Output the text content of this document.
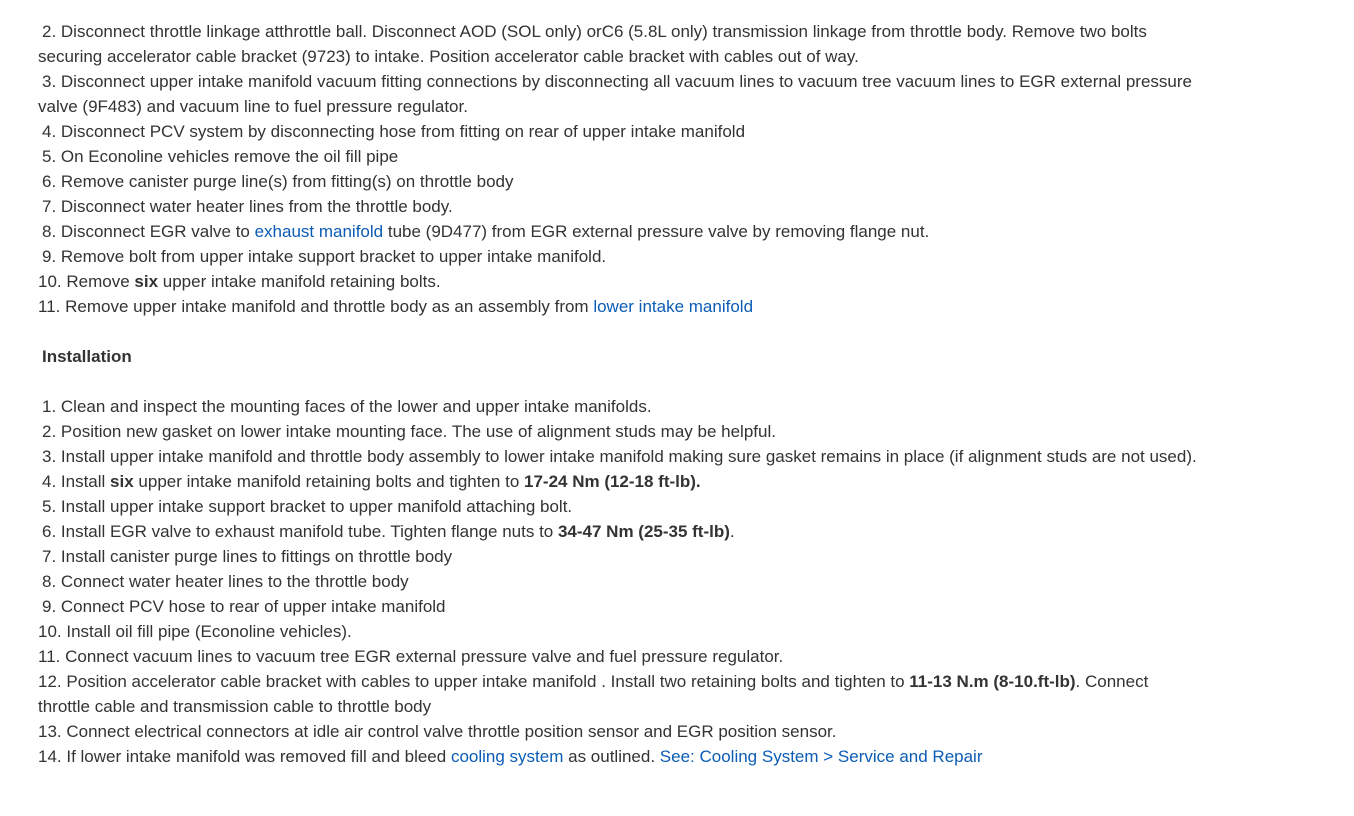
2. Disconnect throttle linkage atthrottle ball. Disconnect AOD (SOL only) orC6 (5.8L only) transmission linkage from throttle body. Remove two bolts
securing accelerator cable bracket (9723) to intake. Position accelerator cable bracket with cables out of way.
3. Disconnect upper intake manifold vacuum fitting connections by disconnecting all vacuum lines to vacuum tree vacuum lines to EGR external pressure
valve (9F483) and vacuum line to fuel pressure regulator.
4. Disconnect PCV system by disconnecting hose from fitting on rear of upper intake manifold
5. On Econoline vehicles remove the oil fill pipe
6. Remove canister purge line(s) from fitting(s) on throttle body
7. Disconnect water heater lines from the throttle body.
8. Disconnect EGR valve to exhaust manifold tube (9D477) from EGR external pressure valve by removing flange nut.
9. Remove bolt from upper intake support bracket to upper intake manifold.
10. Remove six upper intake manifold retaining bolts.
11. Remove upper intake manifold and throttle body as an assembly from lower intake manifold
Installation
1. Clean and inspect the mounting faces of the lower and upper intake manifolds.
2. Position new gasket on lower intake mounting face. The use of alignment studs may be helpful.
3. Install upper intake manifold and throttle body assembly to lower intake manifold making sure gasket remains in place (if alignment studs are not used).
4. Install six upper intake manifold retaining bolts and tighten to 17-24 Nm (12-18 ft-lb).
5. Install upper intake support bracket to upper manifold attaching bolt.
6. Install EGR valve to exhaust manifold tube. Tighten flange nuts to 34-47 Nm (25-35 ft-lb).
7. Install canister purge lines to fittings on throttle body
8. Connect water heater lines to the throttle body
9. Connect PCV hose to rear of upper intake manifold
10. Install oil fill pipe (Econoline vehicles).
11. Connect vacuum lines to vacuum tree EGR external pressure valve and fuel pressure regulator.
12. Position accelerator cable bracket with cables to upper intake manifold . Install two retaining bolts and tighten to 11-13 N.m (8-10.ft-lb). Connect
throttle cable and transmission cable to throttle body
13. Connect electrical connectors at idle air control valve throttle position sensor and EGR position sensor.
14. If lower intake manifold was removed fill and bleed cooling system as outlined. See: Cooling System > Service and Repair
